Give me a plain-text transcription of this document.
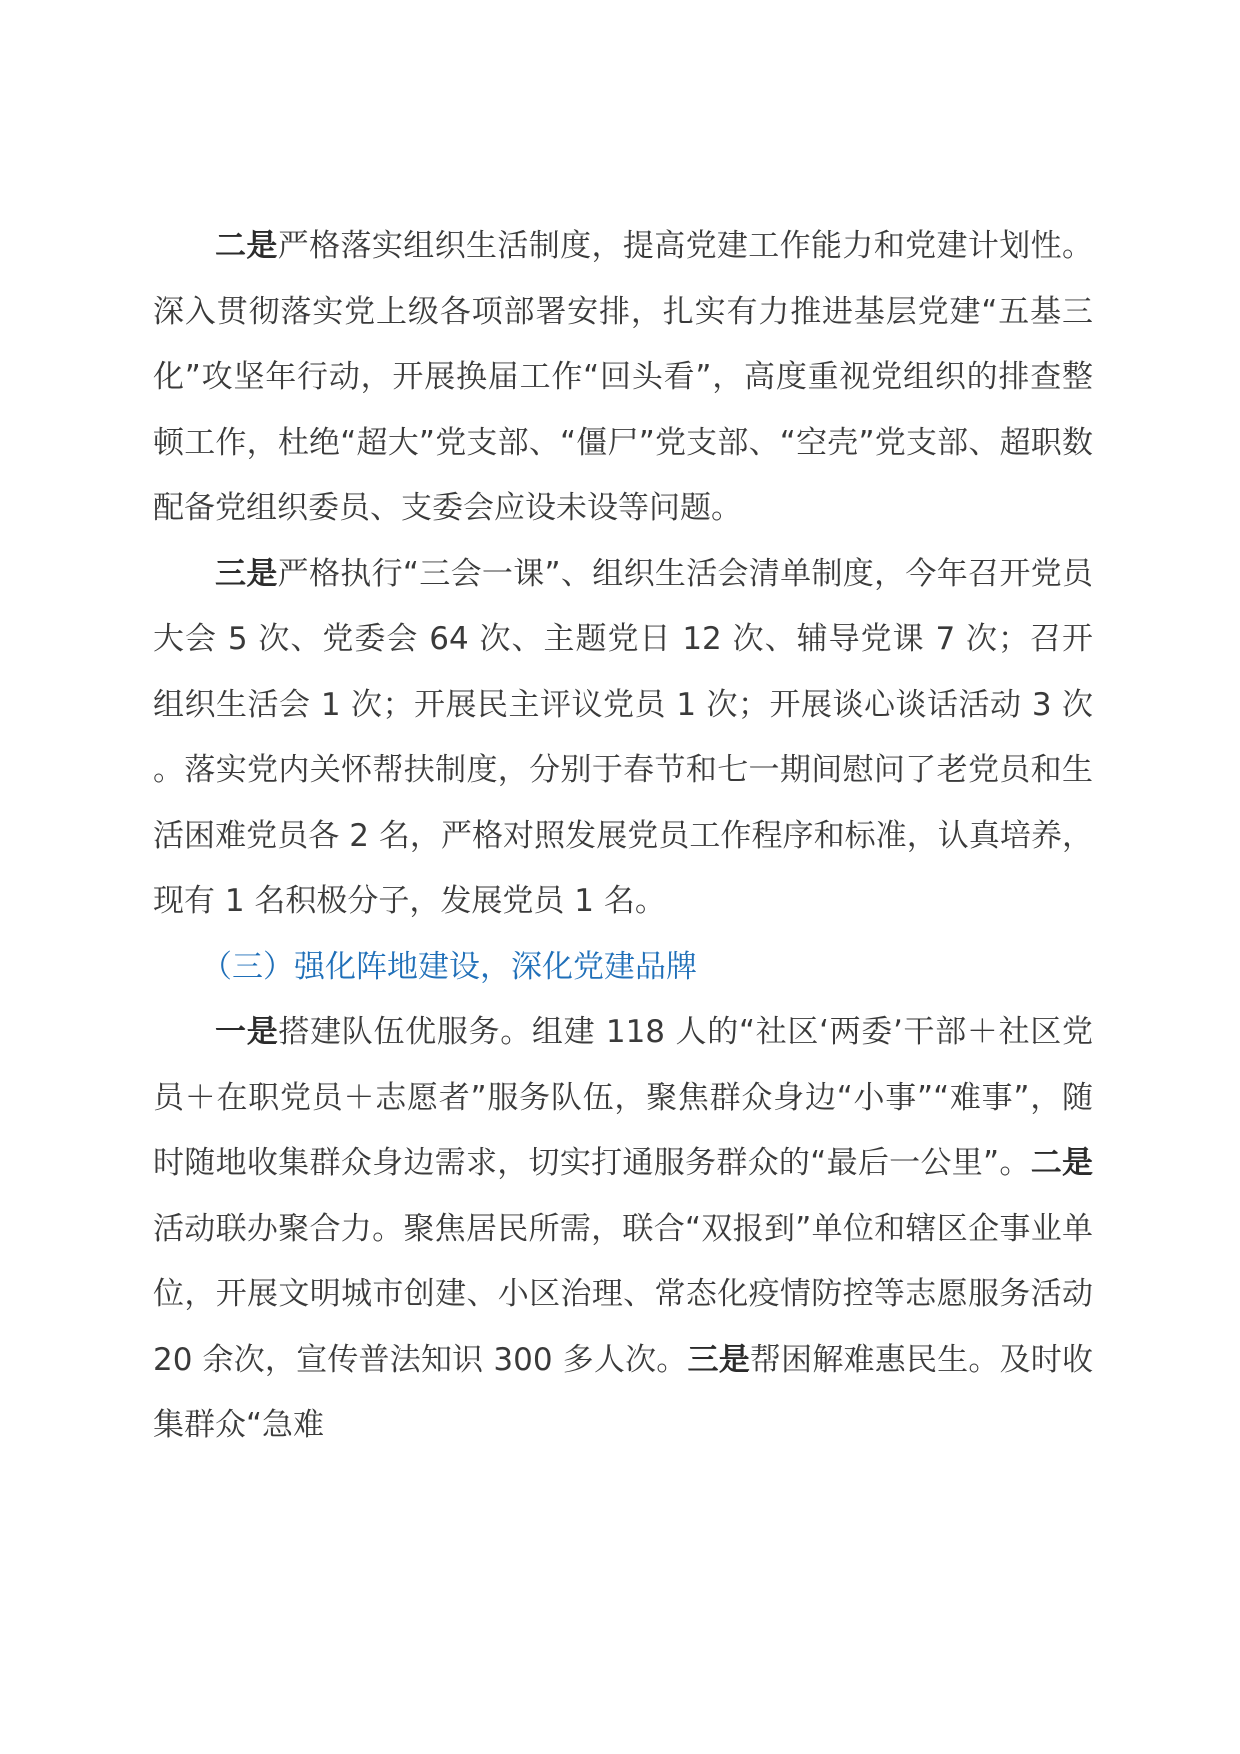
二是严格落实组织生活制度，提高党建工作能力和党建计划性。深入贯彻落实党上级各项部署安排，扎实有力推进基层党建“五基三化”攻坚年行动，开展换届工作“回头看”，高度重视党组织的排查整顿工作，杜绝“超大”党支部、“僵尸”党支部、“空壳”党支部、超职数配备党组织委员、支委会应设未设等问题。

三是严格执行“三会一课”、组织生活会清单制度，今年召开党员大会 5 次、党委会 64 次、主题党日 12 次、辅导党课 7 次；召开组织生活会 1 次；开展民主评议党员 1 次；开展谈心谈话活动 3 次。落实党内关怀帮扶制度，分别于春节和七一期间慰问了老党员和生活困难党员各 2 名，严格对照发展党员工作程序和标准，认真培养，现有 1 名积极分子，发展党员 1 名。

（三）强化阵地建设，深化党建品牌

一是搭建队伍优服务。组建 118 人的“社区‘两委’干部＋社区党员＋在职党员＋志愿者”服务队伍，聚焦群众身边“小事”“难事”，随时随地收集群众身边需求，切实打通服务群众的“最后一公里”。二是活动联办聚合力。聚焦居民所需，联合“双报到”单位和辖区企事业单位，开展文明城市创建、小区治理、常态化疫情防控等志愿服务活动 20 余次，宣传普法知识 300 多人次。三是帮困解难惠民生。及时收集群众“急难
